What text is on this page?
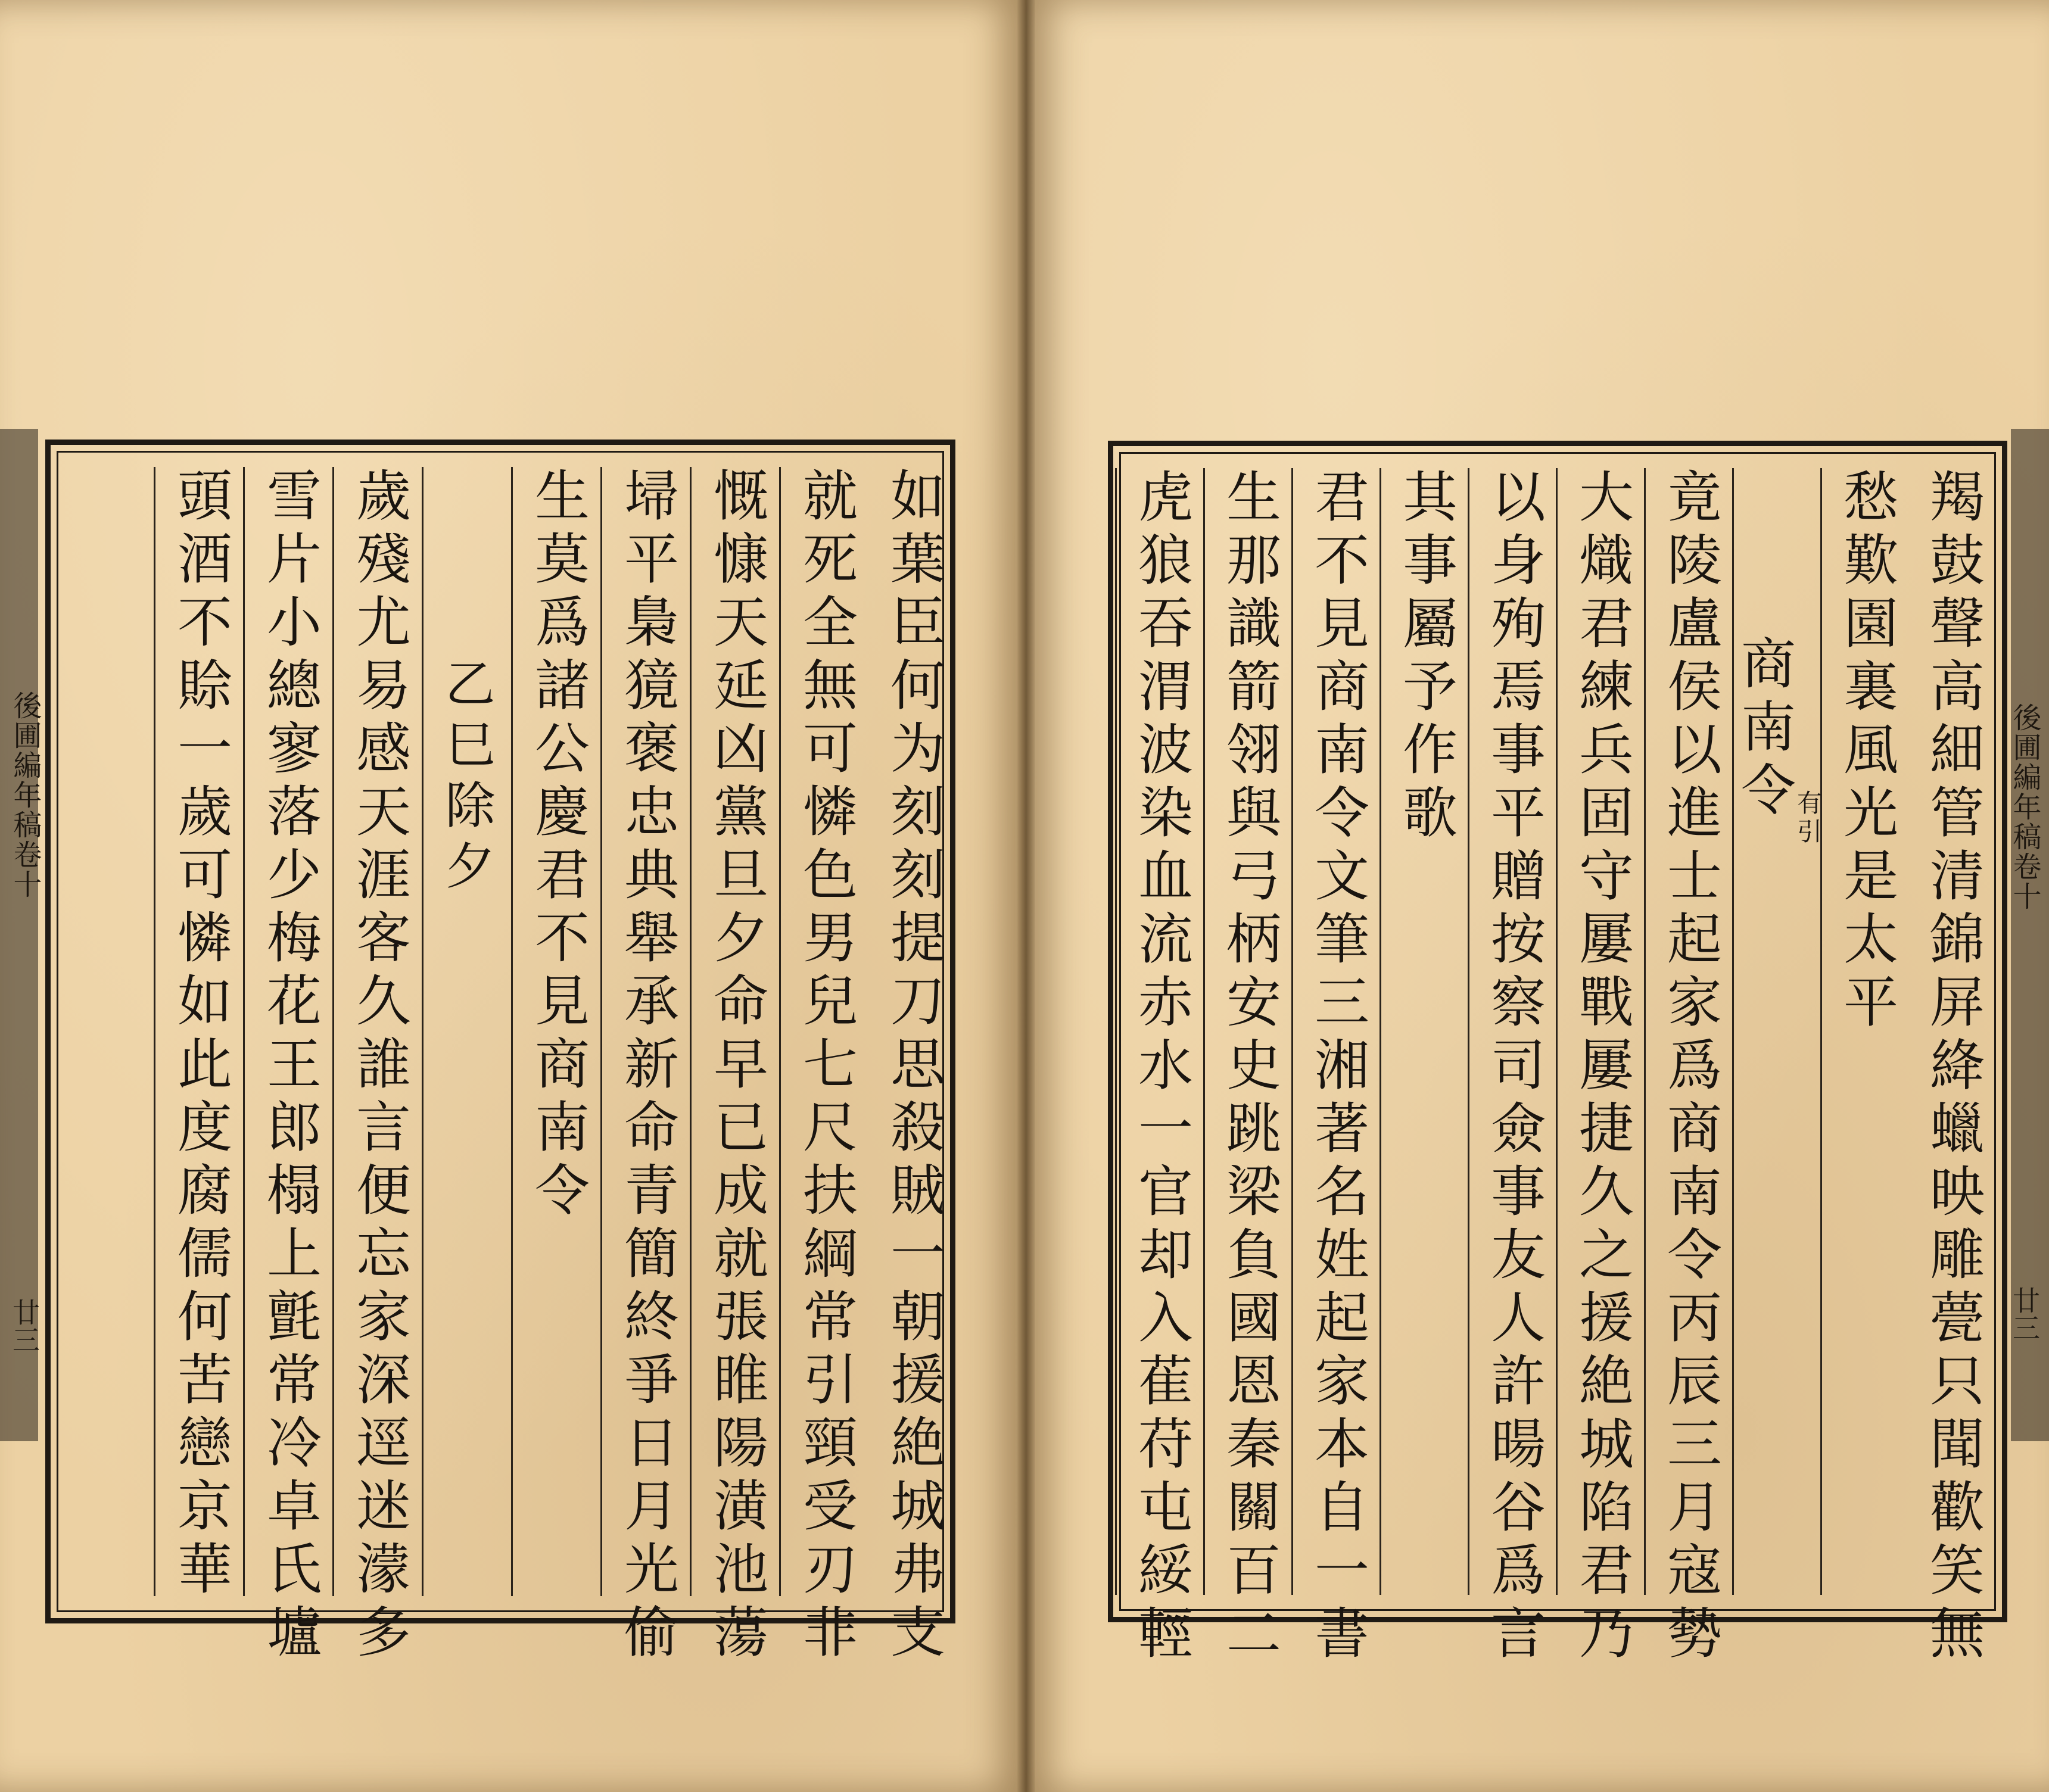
後圃編年稿卷十
廿三	如葉臣何为刻刻提刀思殺賊一朝援絶城弗支
就死全無可憐色男兒七尺扶綱常引頸受刃非
慨慷天延凶黨旦夕命早已成就張睢陽潢池蕩
埽平梟獍褒忠典舉承新命青簡終爭日月光偷
生莫爲諸公慶君不見商南令
乙巳除夕
歲殘尤易感天涯客久誰言便忘家深逕迷濛多
雪片小總寥落少梅花王郎榻上氈常冷卓氏壚
頭酒不賒一歲可憐如此度腐儒何苦戀京華	後圃編年稿卷十
廿三
羯鼓聲高細管清錦屏絳蠟映雕甍只聞歡笑無
愁歎園裏風光是太平
商南令
有引
竟陵盧侯以進士起家爲商南令丙辰三月寇勢
大熾君練兵固守屢戰屢捷久之援絶城陷君乃
以身殉焉事平贈按察司僉事友人許暘谷爲言
其事屬予作歌
君不見商南令文筆三湘著名姓起家本自一書
生那識箭翎與弓柄安史跳梁負國恩秦關百二
虎狼吞渭波染血流赤水一官却入萑苻屯綏輕
